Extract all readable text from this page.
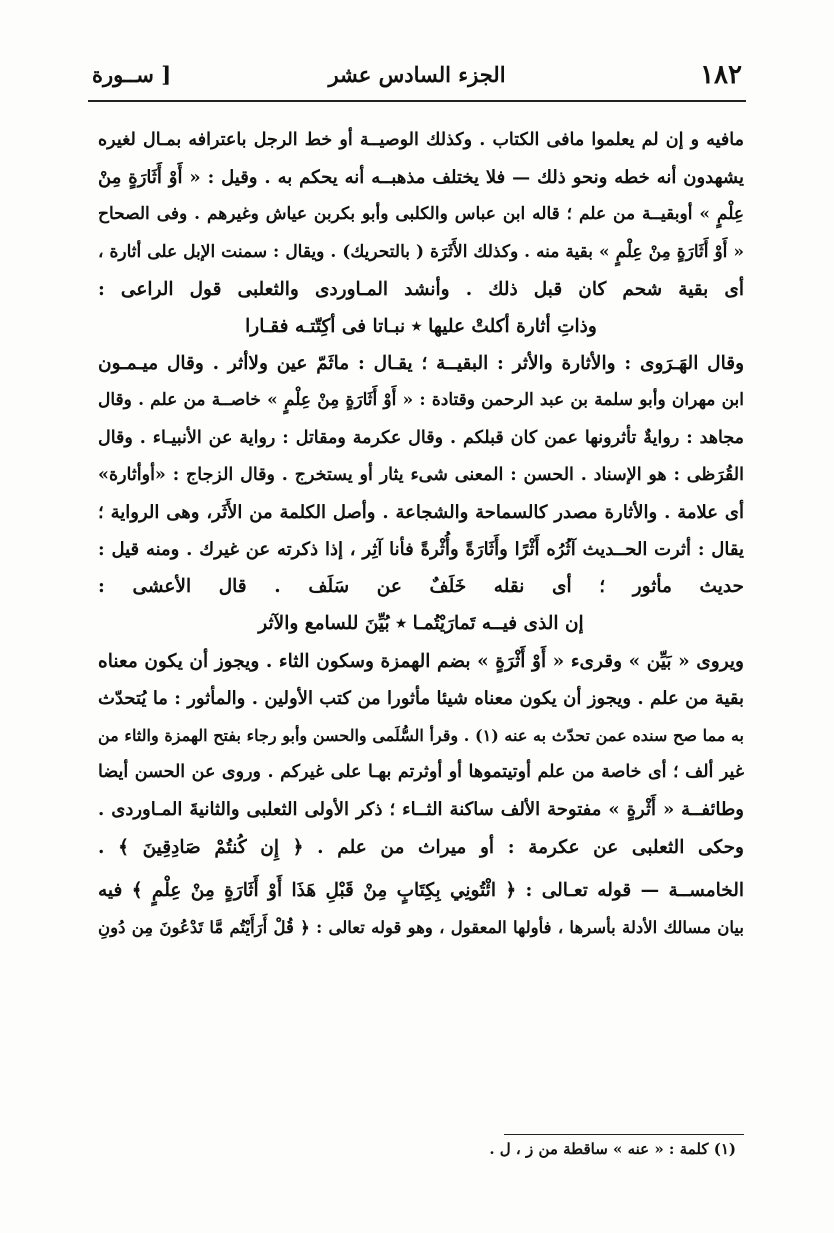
١٨٢
الجزء السادس عشر
[ ســورة
مافيه و إن لم يعلموا مافى الكتاب . وكذلك الوصيــة أو خط الرجل باعترافه بمـال لغيره
يشهدون أنه خطه ونحو ذلك — فلا يختلف مذهبــه أنه يحكم به . وقيل : « أَوْ أَثَارَةٍ مِنْ
عِلْمٍ » أوبقيــة من علم ؛ قاله ابن عباس والكلبى وأبو بكربن عياش وغيرهم . وفى الصحاح
« أَوْ أَثَارَةٍ مِنْ عِلْمٍ » بقية منه . وكذلك الأَثَرَة ( بالتحريك) . ويقال : سمنت الإبل على أثارة ،
أى بقية شحم كان قبل ذلك . وأنشد المـاوردى والثعلبى قول الراعى :
وذاتِ أثارة أكلتْ عليها ٭ نبـاتا فى أكِتّتـه فقـارا
وقال الهَـرَوى : والأثارة والأثر : البقيــة ؛ يقـال : ماثَمّ عين ولاأثر . وقال ميـمـون
ابن مهران وأبو سلمة بن عبد الرحمن وقتادة : « أَوْ أَثَارَةٍ مِنْ عِلْمٍ » خاصــة من علم . وقال
مجاهد : روايةٌ تأثرونها عمن كان قبلكم . وقال عكرمة ومقاتل : رواية عن الأنبيـاء . وقال
القُرَظى : هو الإسناد . الحسن : المعنى شىء يثار أو يستخرج . وقال الزجاج : «أوأثارة»
أى علامة . والأثارة مصدر كالسماحة والشجاعة . وأصل الكلمة من الأَثَر، وهى الرواية ؛
يقال : أثرت الحــديث آثُرُه أَثْرًا وأَثَارَةً وأُثْرةً فأنا آثِر ، إذا ذكرته عن غيرك . ومنه قيل :
حديث مأثور ؛ أى نقله خَلَفٌ عن سَلَف . قال الأعشى :
إن الذى فيــه تَمارَيْتُمـا ٭ بُيِّنَ للسامع والآثر
ويروى « بَيِّن » وقرىء « أَوْ أَثْرَةٍ » بضم الهمزة وسكون الثاء . ويجوز أن يكون معناه
بقية من علم . ويجوز أن يكون معناه شيئا مأثورا من كتب الأولين . والمأثور : ما يُتحدّث
به مما صح سنده عمن تحدّث به عنه (١) . وقرأ السُّلَمى والحسن وأبو رجاء بفتح الهمزة والثاء من
غير ألف ؛ أى خاصة من علم أوتيتموها أو أوثرتم بهـا على غيركم . وروى عن الحسن أيضا
وطائفــة « أَثْرةٍ » مفتوحة الألف ساكنة الثــاء ؛ ذكر الأولى الثعلبى والثانيةَ المـاوردى .
وحكى الثعلبى عن عكرمة : أو ميراث من علم . ﴿ إِن كُنتُمْ صَادِقِينَ ﴾ .
الخامســة — قوله تعـالى : ﴿ ائْتُونِي بِكِتَابٍ مِنْ قَبْلِ هَذَا أَوْ أَثَارَةٍ مِنْ عِلْمٍ ﴾ فيه
بيان مسالك الأدلة بأسرها ، فأولها المعقول ، وهو قوله تعالى : ﴿ قُلْ أَرَأَيْتُم مَّا تَدْعُونَ مِن دُونِ
(١) كلمة : « عنه » ساقطة من ز ، ل .
